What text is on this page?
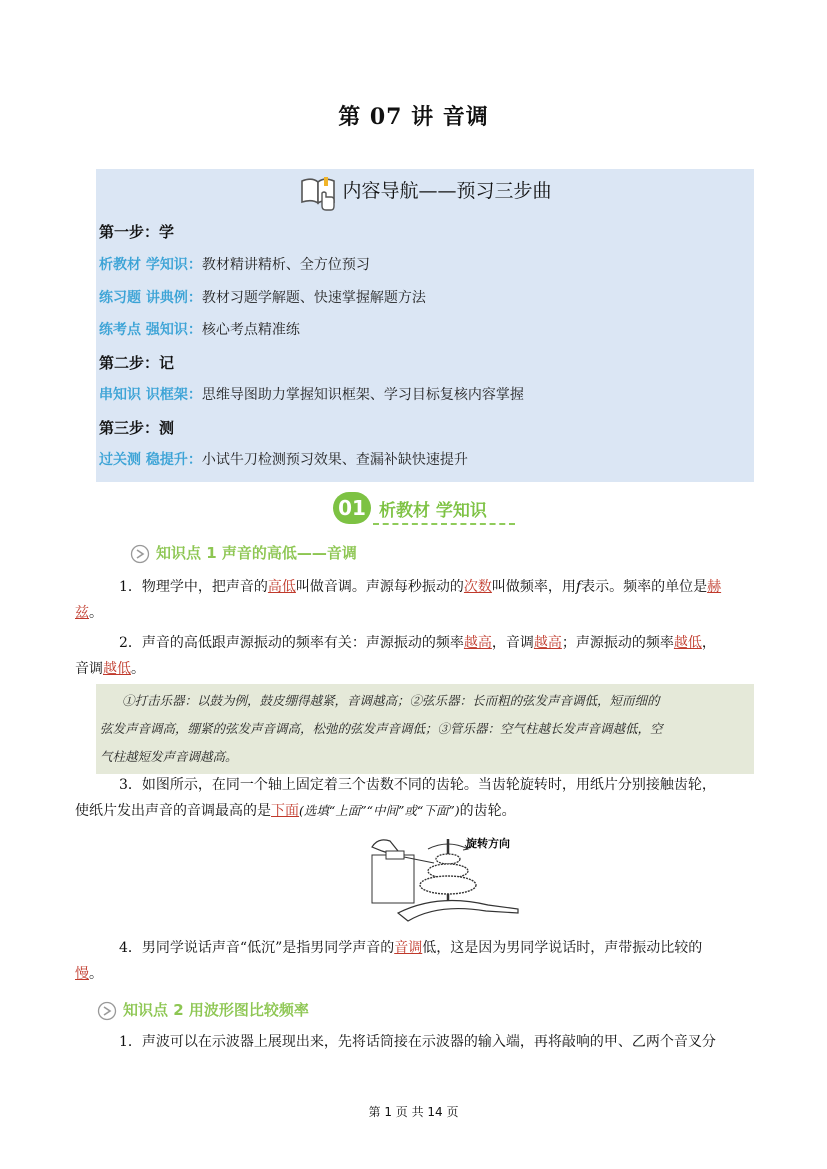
第 07 讲 音调
内容导航——预习三步曲
第一步：学
析教材 学知识：教材精讲精析、全方位预习
练习题 讲典例：教材习题学解题、快速掌握解题方法
练考点 强知识：核心考点精准练
第二步：记
串知识 识框架：思维导图助力掌握知识框架、学习目标复核内容掌握
第三步：测
过关测 稳提升：小试牛刀检测预习效果、查漏补缺快速提升
01 析教材 学知识
知识点 1 声音的高低——音调
1．物理学中，把声音的高低叫做音调。声源每秒振动的次数叫做频率，用f表示。频率的单位是赫
兹。
2．声音的高低跟声源振动的频率有关：声源振动的频率越高，音调越高；声源振动的频率越低，
音调越低。
①打击乐器：以鼓为例，鼓皮绷得越紧，音调越高；②弦乐器：长而粗的弦发声音调低，短而细的
弦发声音调高，绷紧的弦发声音调高，松弛的弦发声音调低；③管乐器：空气柱越长发声音调越低，空
气柱越短发声音调越高。
3．如图所示，在同一个轴上固定着三个齿数不同的齿轮。当齿轮旋转时，用纸片分别接触齿轮，
使纸片发出声音的音调最高的是下面(选填“上面”“中间”或“下面”)的齿轮。
旋转方向
4．男同学说话声音“低沉”是指男同学声音的音调低，这是因为男同学说话时，声带振动比较的
慢。
知识点 2 用波形图比较频率
1．声波可以在示波器上展现出来，先将话筒接在示波器的输入端，再将敲响的甲、乙两个音叉分
第 1 页 共 14 页
